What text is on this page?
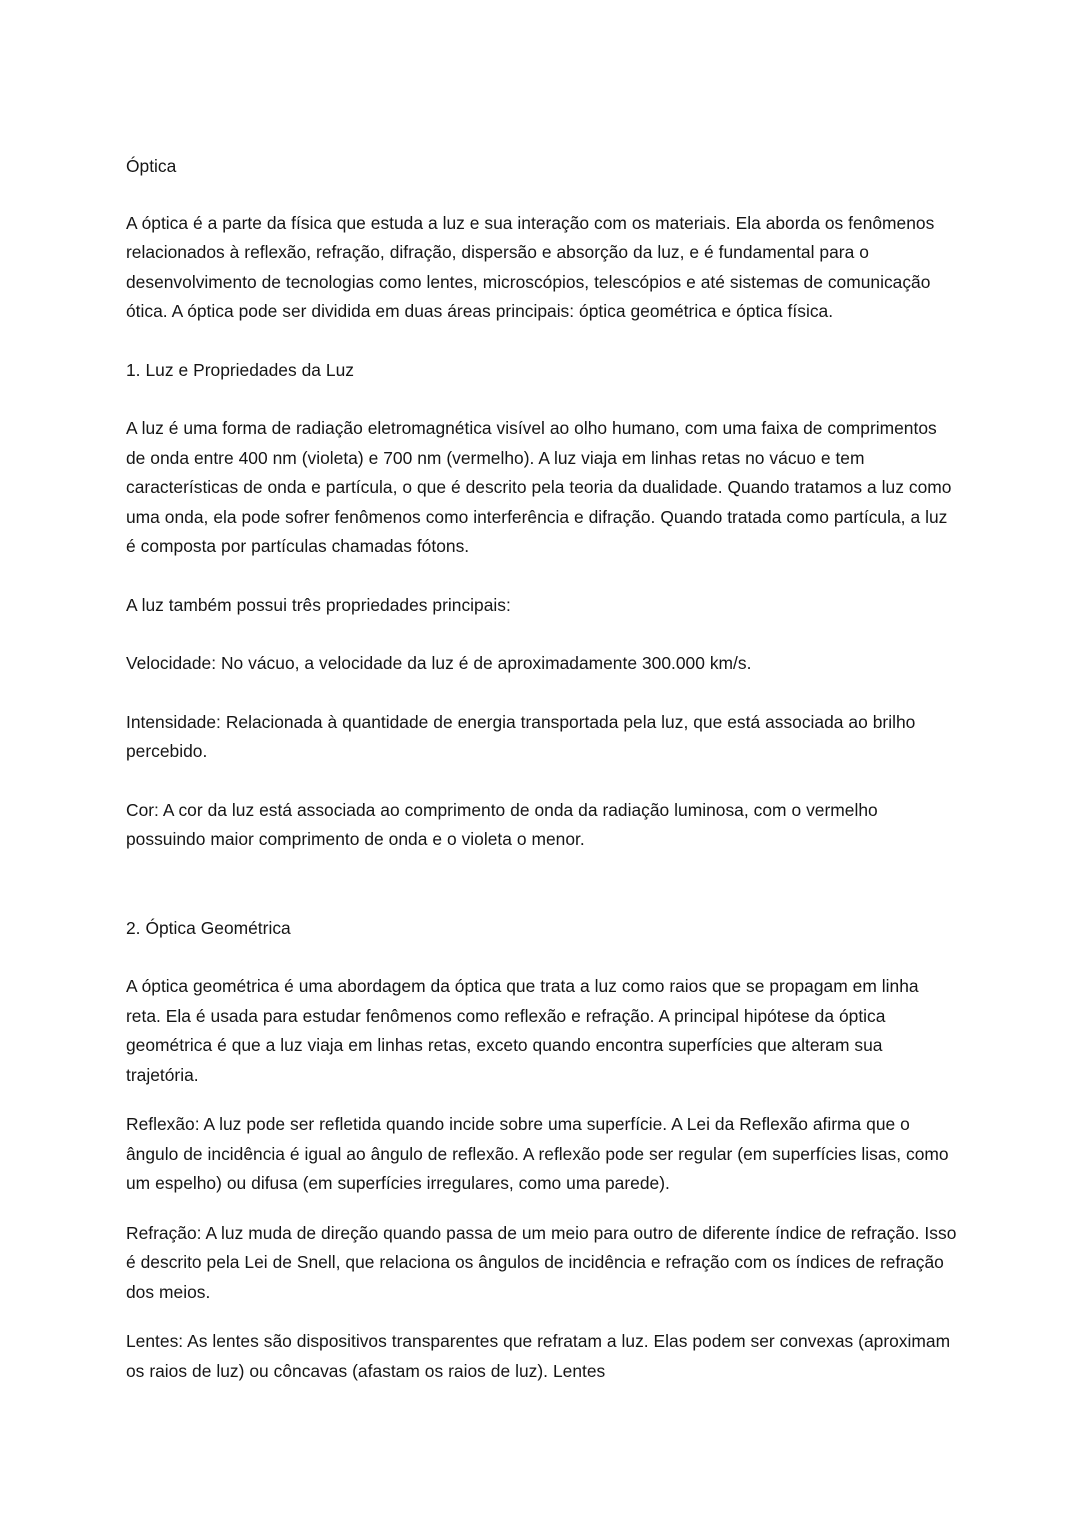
Óptica

A óptica é a parte da física que estuda a luz e sua interação com os materiais. Ela aborda os fenômenos relacionados à reflexão, refração, difração, dispersão e absorção da luz, e é fundamental para o desenvolvimento de tecnologias como lentes, microscópios, telescópios e até sistemas de comunicação ótica. A óptica pode ser dividida em duas áreas principais: óptica geométrica e óptica física.

1. Luz e Propriedades da Luz

A luz é uma forma de radiação eletromagnética visível ao olho humano, com uma faixa de comprimentos de onda entre 400 nm (violeta) e 700 nm (vermelho). A luz viaja em linhas retas no vácuo e tem características de onda e partícula, o que é descrito pela teoria da dualidade. Quando tratamos a luz como uma onda, ela pode sofrer fenômenos como interferência e difração. Quando tratada como partícula, a luz é composta por partículas chamadas fótons.

A luz também possui três propriedades principais:

Velocidade: No vácuo, a velocidade da luz é de aproximadamente 300.000 km/s.

Intensidade: Relacionada à quantidade de energia transportada pela luz, que está associada ao brilho percebido.

Cor: A cor da luz está associada ao comprimento de onda da radiação luminosa, com o vermelho possuindo maior comprimento de onda e o violeta o menor.

2. Óptica Geométrica

A óptica geométrica é uma abordagem da óptica que trata a luz como raios que se propagam em linha reta. Ela é usada para estudar fenômenos como reflexão e refração. A principal hipótese da óptica geométrica é que a luz viaja em linhas retas, exceto quando encontra superfícies que alteram sua trajetória.

Reflexão: A luz pode ser refletida quando incide sobre uma superfície. A Lei da Reflexão afirma que o ângulo de incidência é igual ao ângulo de reflexão. A reflexão pode ser regular (em superfícies lisas, como um espelho) ou difusa (em superfícies irregulares, como uma parede).

Refração: A luz muda de direção quando passa de um meio para outro de diferente índice de refração. Isso é descrito pela Lei de Snell, que relaciona os ângulos de incidência e refração com os índices de refração dos meios.

Lentes: As lentes são dispositivos transparentes que refratam a luz. Elas podem ser convexas (aproximam os raios de luz) ou côncavas (afastam os raios de luz). Lentes
